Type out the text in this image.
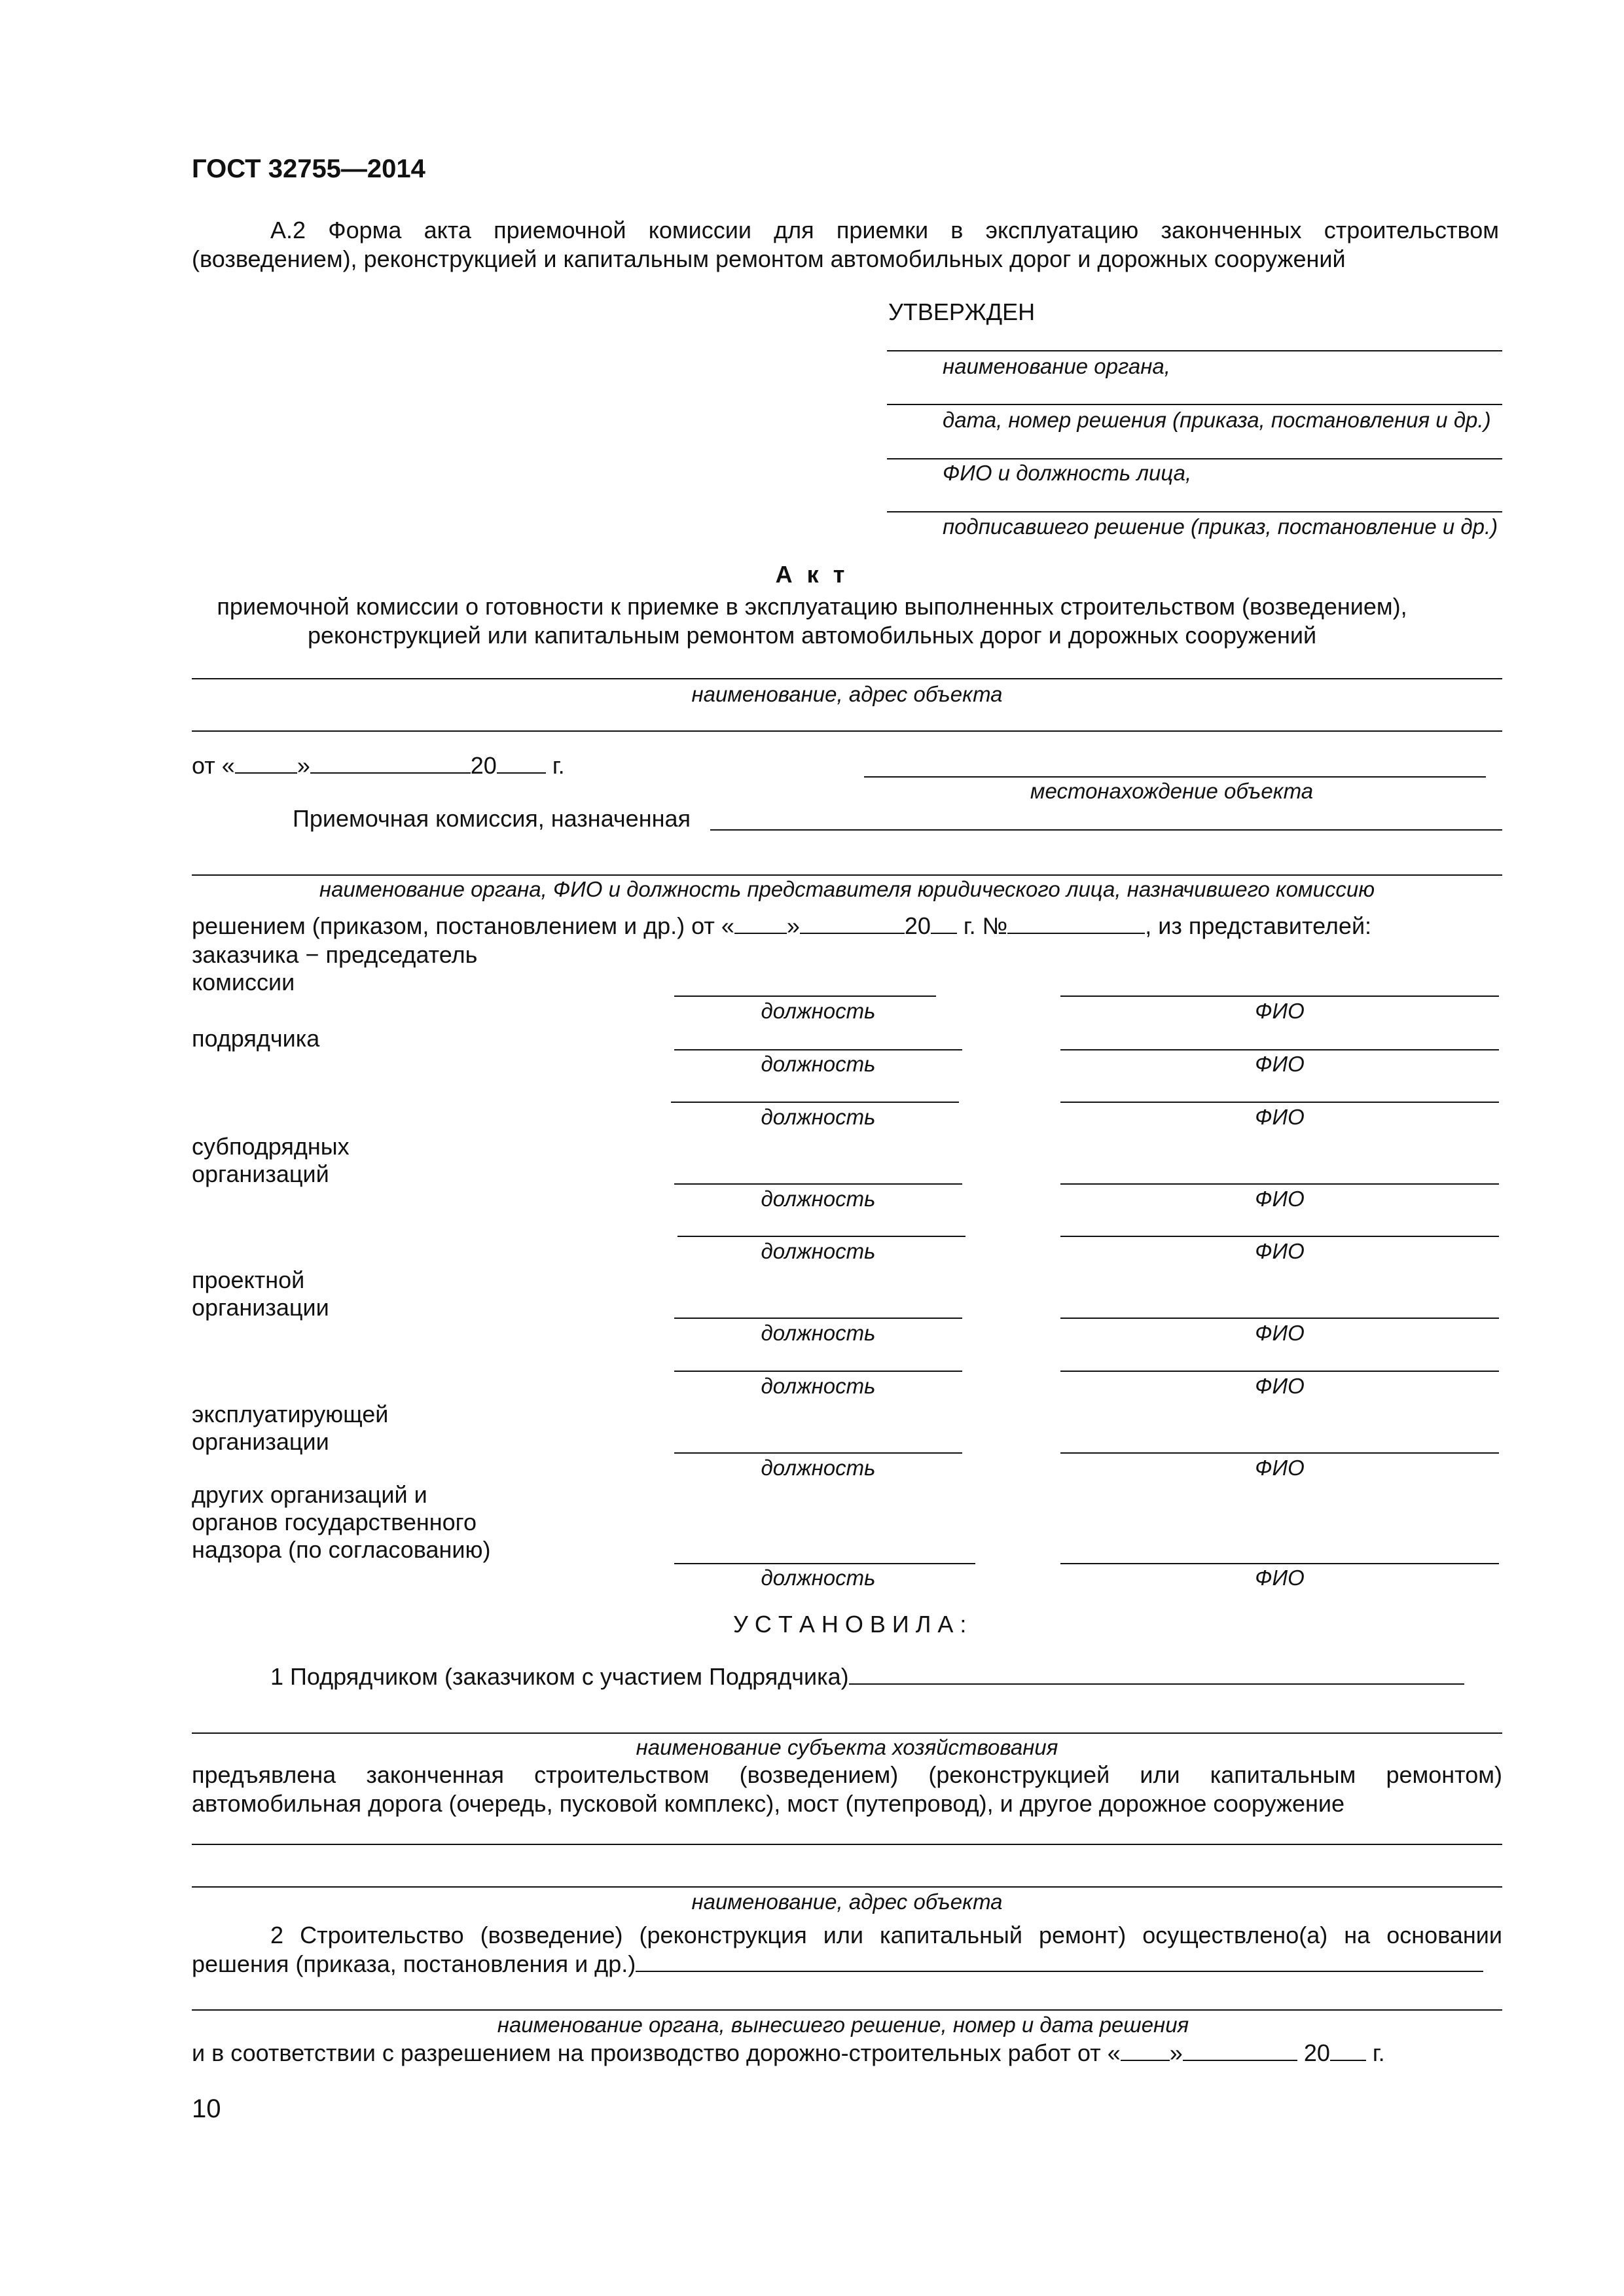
ГОСТ 32755—2014
А.2 Форма акта приемочной комиссии для приемки в эксплуатацию законченных строительством
(возведением), реконструкцией и капитальным ремонтом автомобильных дорог и дорожных сооружений
УТВЕРЖДЕН
наименование органа,
дата, номер решения (приказа, постановления и др.)
ФИО и должность лица,
подписавшего решение (приказ, постановление и др.)
А к т
приемочной комиссии о готовности к приемке в эксплуатацию выполненных строительством (возведением),
реконструкцией или капитальным ремонтом автомобильных дорог и дорожных сооружений
наименование, адрес объекта
от «	»	20 г.
местонахождение объекта
Приемочная комиссия, назначенная
наименование органа, ФИО и должность представителя юридического лица, назначившего комиссию
решением (приказом, постановлением и др.) от « »	20 г. №	, из представителей:
заказчика − председатель
комиссии
должность	ФИО
подрядчика
должность	ФИО
должность	ФИО
субподрядных
организаций
должность	ФИО
должность	ФИО
проектной
организации
должность	ФИО
должность	ФИО
эксплуатирующей
организации
должность	ФИО
других организаций и
органов государственного
надзора (по согласованию)
должность	ФИО
У С Т А Н О В И Л А :
1 Подрядчиком (заказчиком с участием Подрядчика)
наименование субъекта хозяйствования
предъявлена законченная строительством (возведением) (реконструкцией или капитальным ремонтом)
автомобильная дорога (очередь, пусковой комплекс), мост (путепровод), и другое дорожное сооружение
наименование, адрес объекта
2 Строительство (возведение) (реконструкция или капитальный ремонт) осуществлено(а) на основании
решения (приказа, постановления и др.)
наименование органа, вынесшего решение, номер и дата решения
и в соответствии с разрешением на производство дорожно-строительных работ от « »	20 г.
10
